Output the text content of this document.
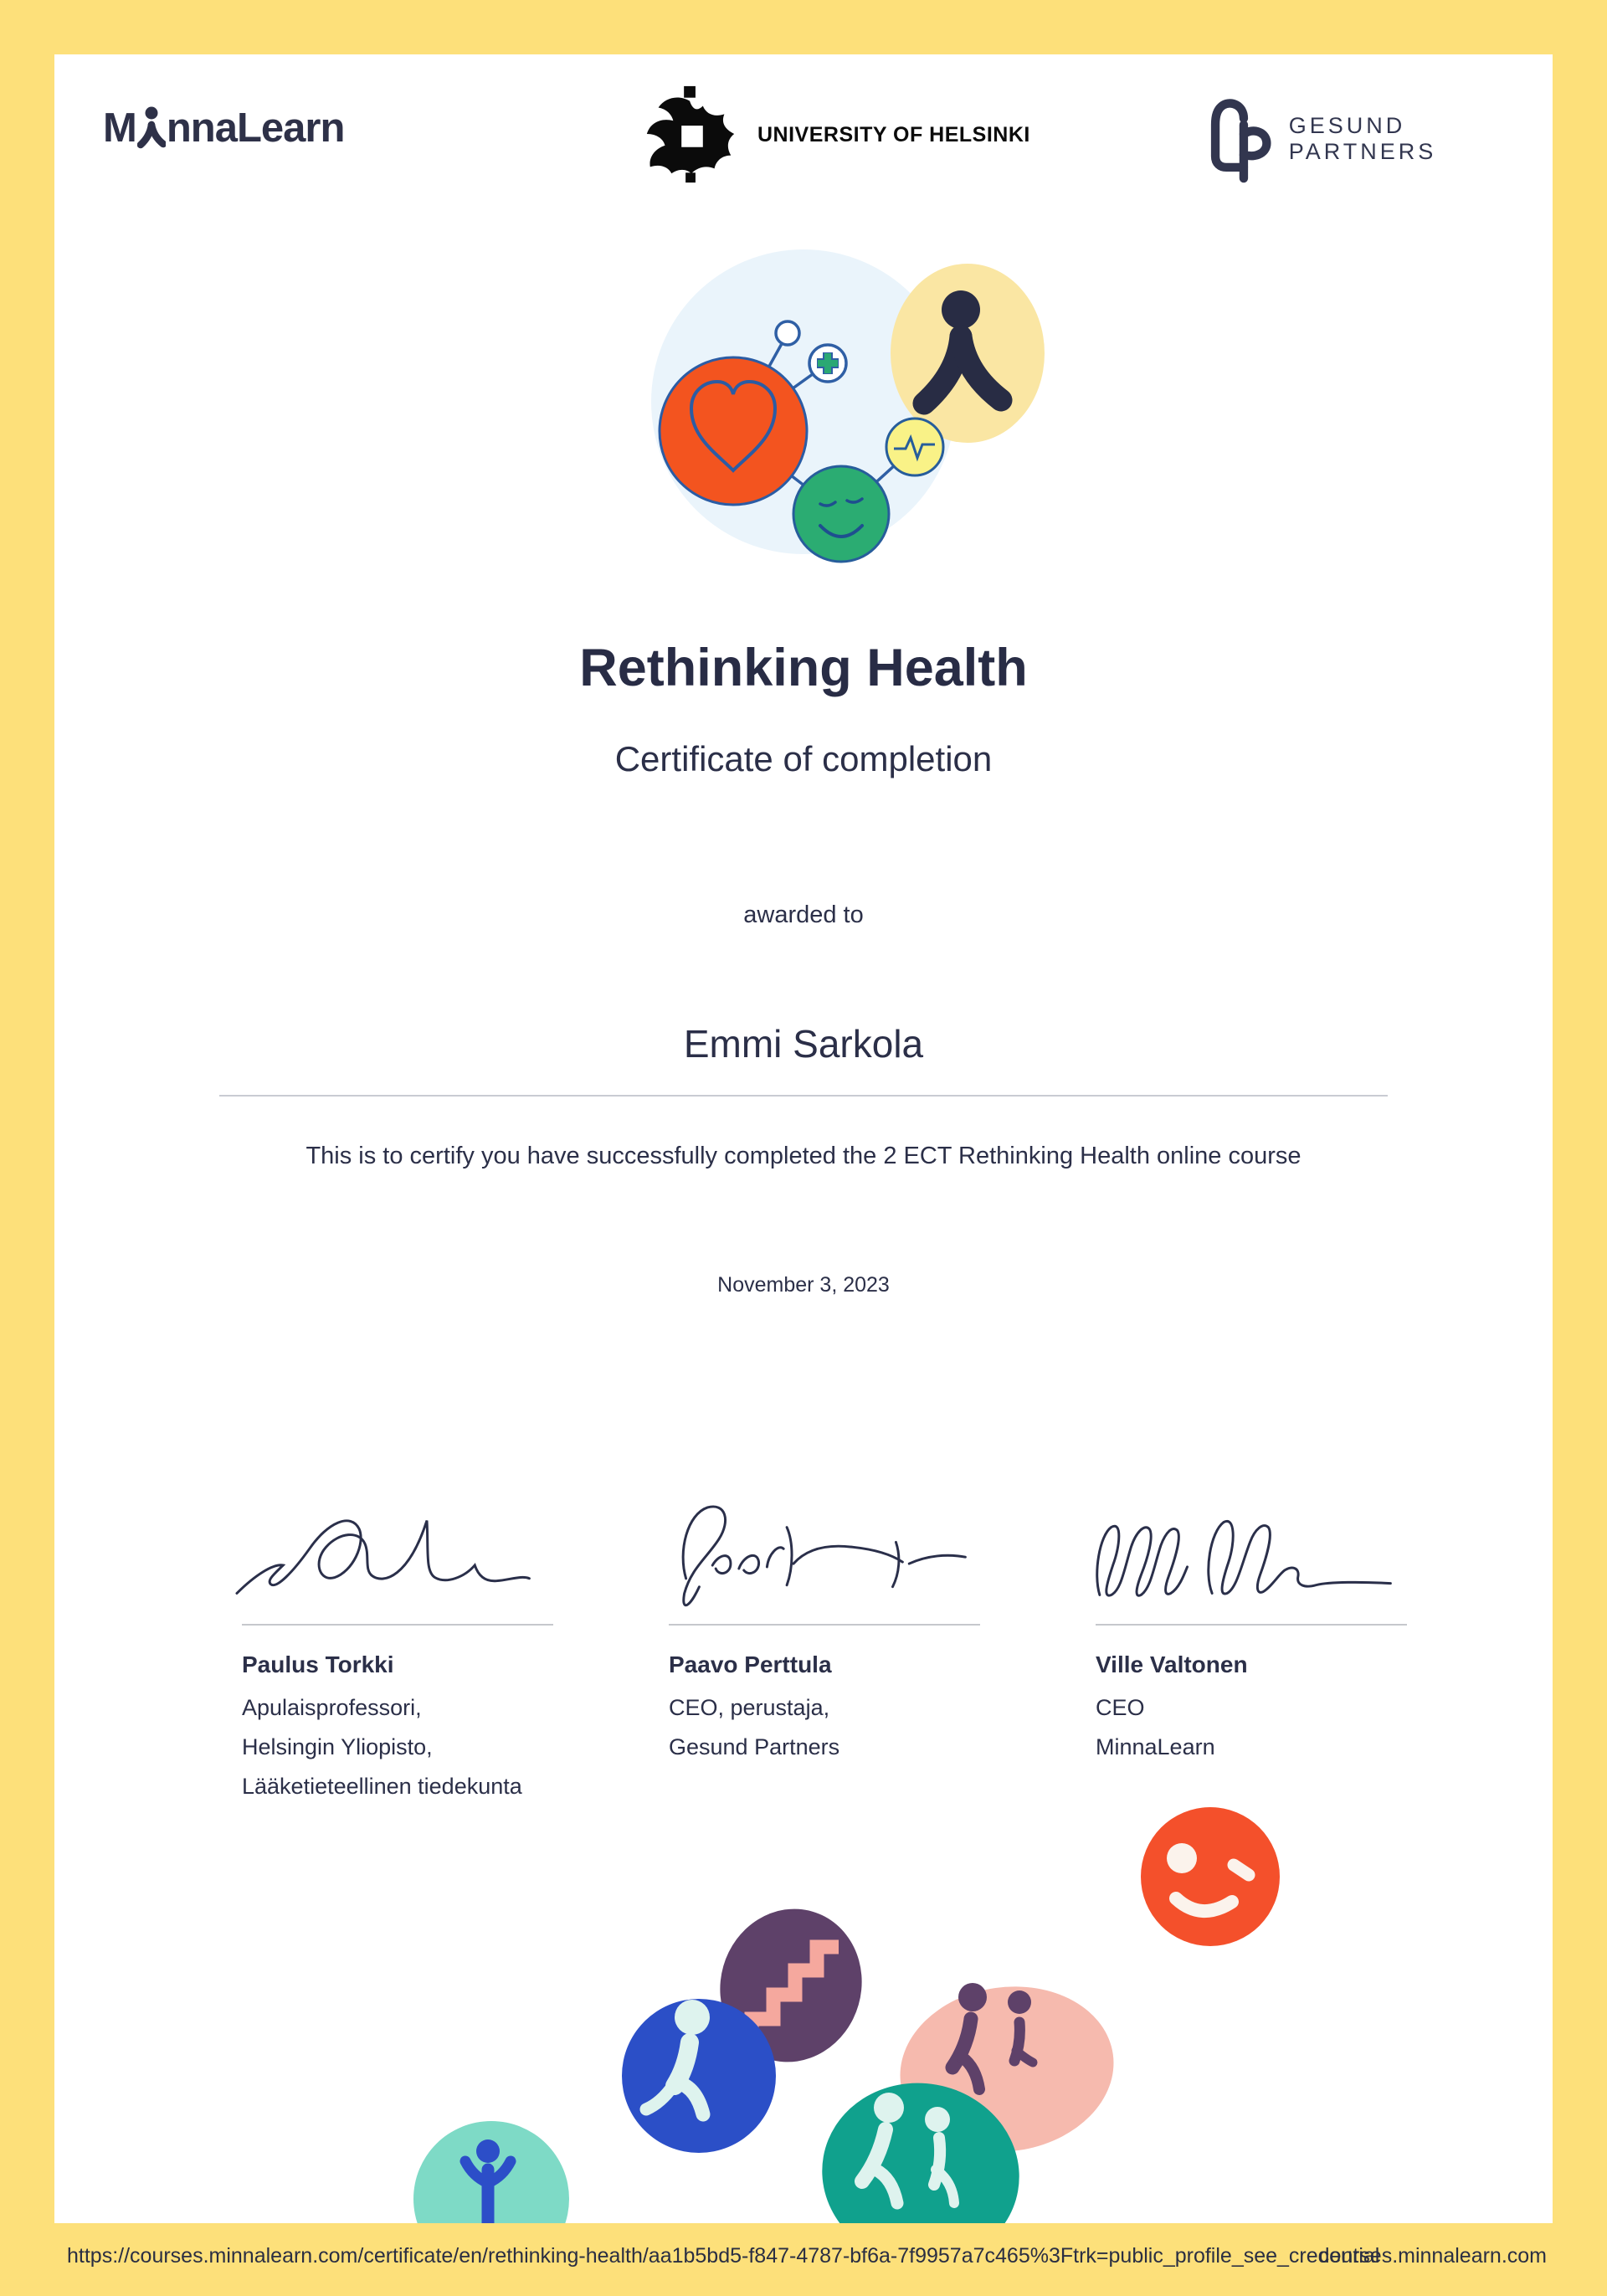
M nnaLearn	UNIVERSITY OF HELSINKI	GESUND PARTNERS
Rethinking Health
Certificate of completion
awarded to
Emmi Sarkola
This is to certify you have successfully completed the 2 ECT Rethinking Health online course
November 3, 2023
Paulus Torkki
Apulaisprofessori,
Helsingin Yliopisto,
Lääketieteellinen tiedekunta
Paavo Perttula
CEO, perustaja,
Gesund Partners
Ville Valtonen
CEO
MinnaLearn
https://courses.minnalearn.com/certificate/en/rethinking-health/aa1b5bd5-f847-4787-bf6a-7f9957a7c465%3Ftrk=public_profile_see_credential
courses.minnalearn.com
